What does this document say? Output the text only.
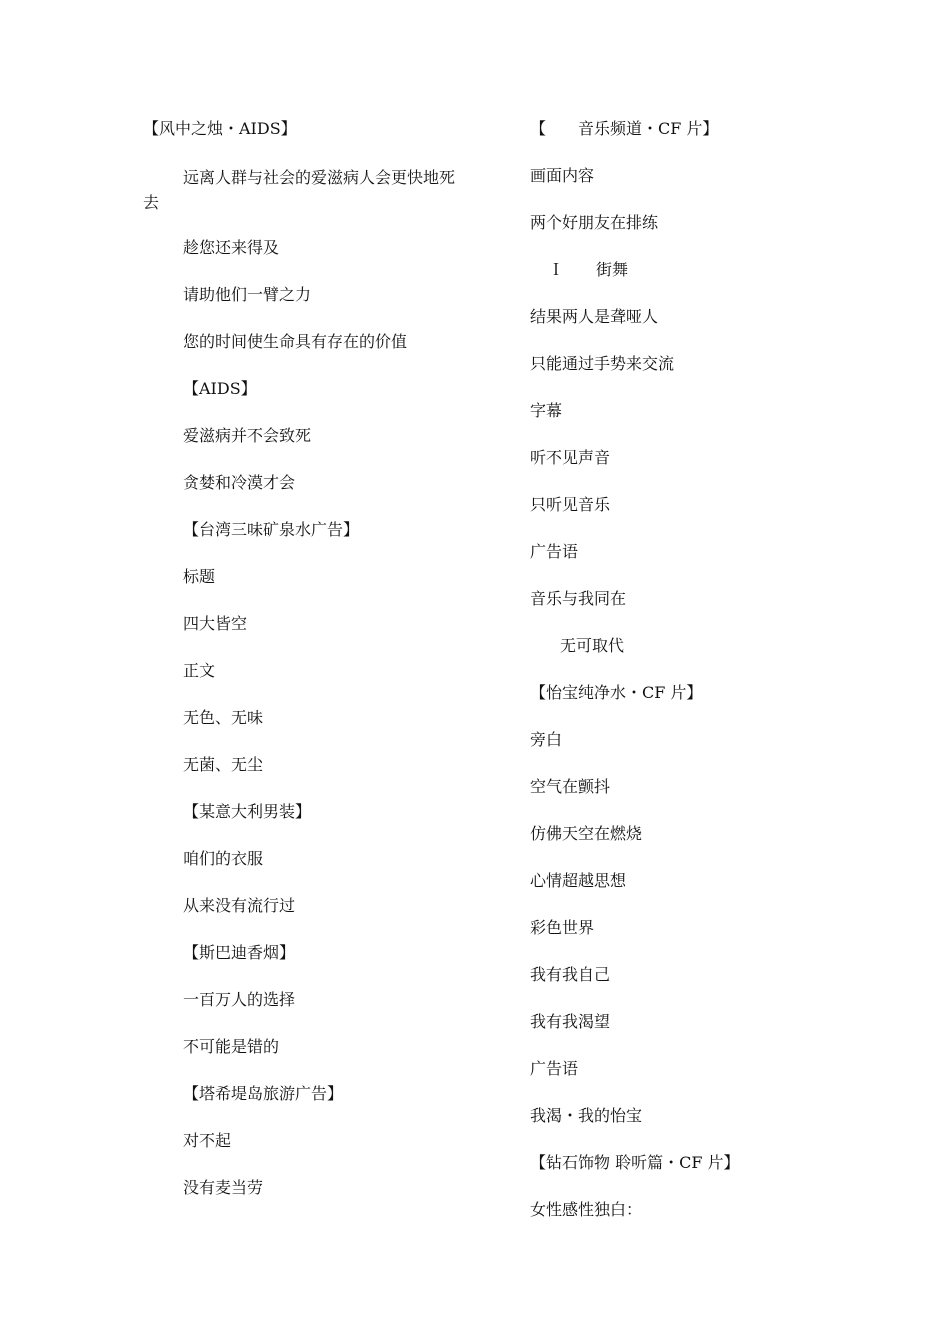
【风中之烛・AIDS】
远离人群与社会的爱滋病人会更快地死去
趁您还来得及
请助他们一臂之力
您的时间使生命具有存在的价值
【AIDS】
爱滋病并不会致死
贪婪和冷漠才会
【台湾三味矿泉水广告】
标题
四大皆空
正文
无色、无味
无菌、无尘
【某意大利男装】
咱们的衣服
从来没有流行过
【斯巴迪香烟】
一百万人的选择
不可能是错的
【塔希堤岛旅游广告】
对不起
没有麦当劳
【　　音乐频道・CF 片】
画面内容
两个好朋友在排练
Ｉ　　街舞
结果两人是聋哑人
只能通过手势来交流
字幕
听不见声音
只听见音乐
广告语
音乐与我同在
无可取代
【怡宝纯净水・CF 片】
旁白
空气在颤抖
仿佛天空在燃烧
心情超越思想
彩色世界
我有我自己
我有我渴望
广告语
我渴・我的怡宝
【钻石饰物 聆听篇・CF 片】
女性感性独白：
